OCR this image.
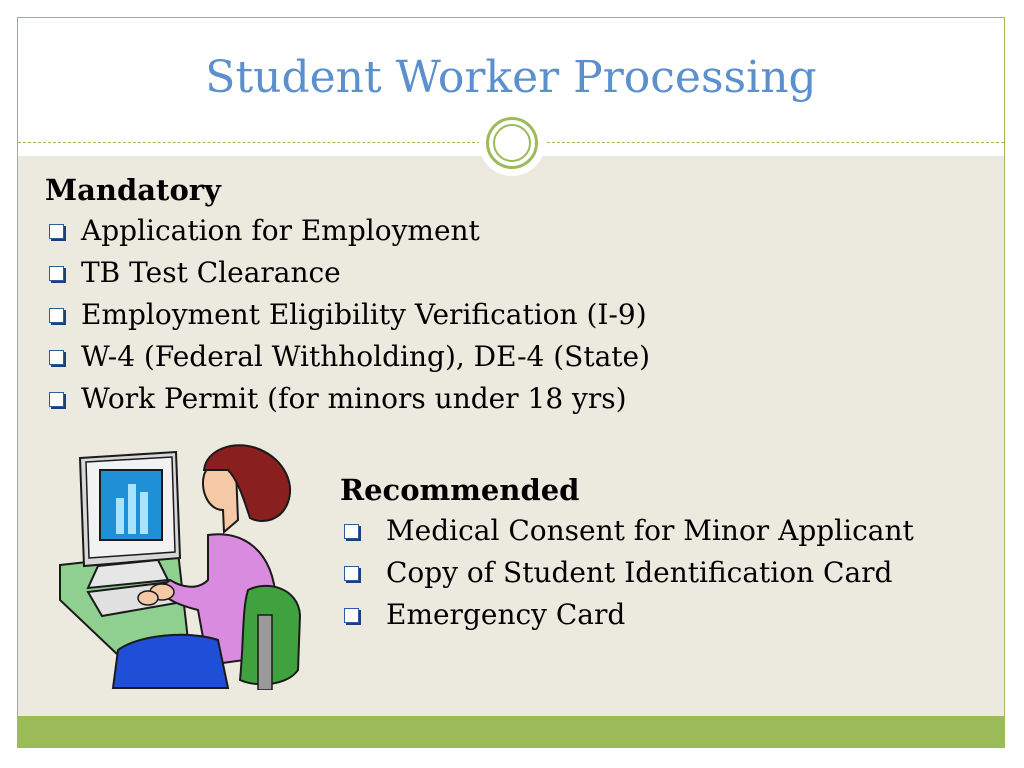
Student Worker Processing
Mandatory
Application for Employment
TB Test Clearance
Employment Eligibility Verification (I-9)
W-4 (Federal Withholding), DE-4 (State)
Work Permit (for minors under 18 yrs)
Recommended
Medical Consent for Minor Applicant
Copy of Student Identification Card
Emergency Card
